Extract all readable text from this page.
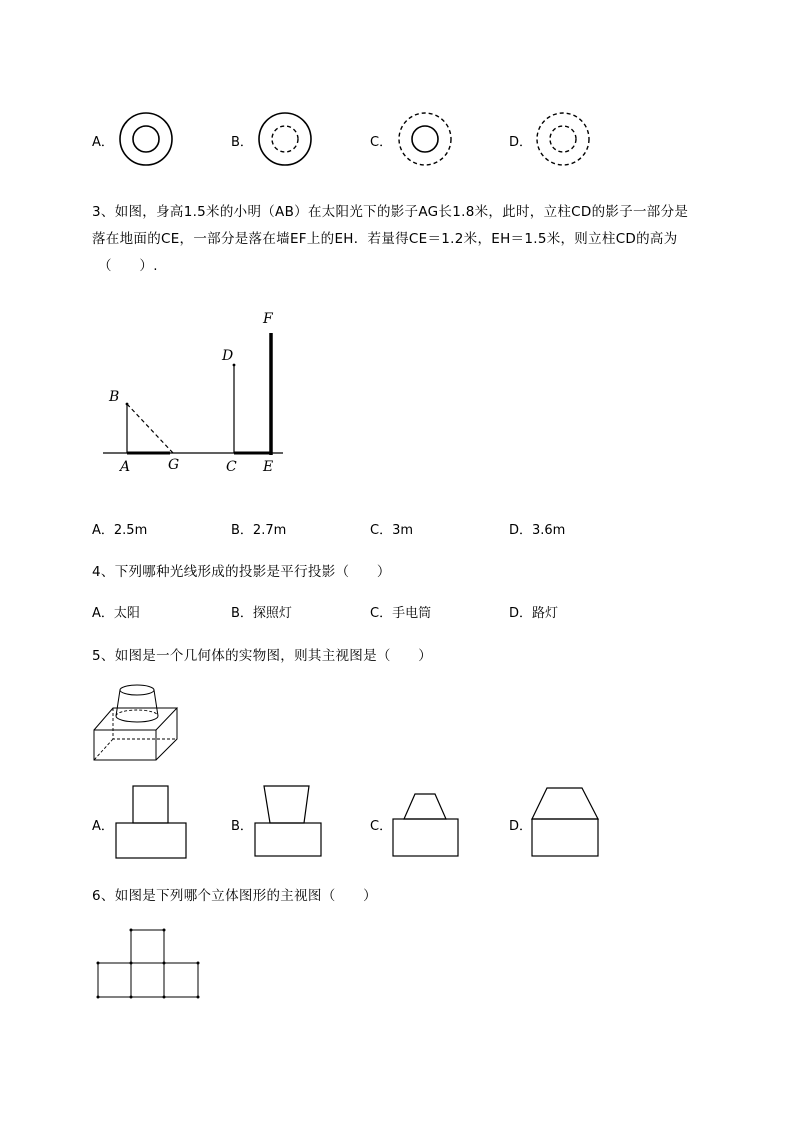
A．	B．	C．	D．
3、如图，身高1.5米的小明（AB）在太阳光下的影子AG长1.8米，此时，立柱CD的影子一部分是
落在地面的CE，一部分是落在墙EF上的EH．若量得CE＝1.2米，EH＝1.5米，则立柱CD的高为
（　　）.
B
A	G
D
C
F
E
A．2.5m	B．2.7m	C．3m	D．3.6m
4、下列哪种光线形成的投影是平行投影（　　）
A．太阳	B．探照灯	C．手电筒	D．路灯
5、如图是一个几何体的实物图，则其主视图是（　　）
A．	B．	C．	D．
6、如图是下列哪个立体图形的主视图（　　）
